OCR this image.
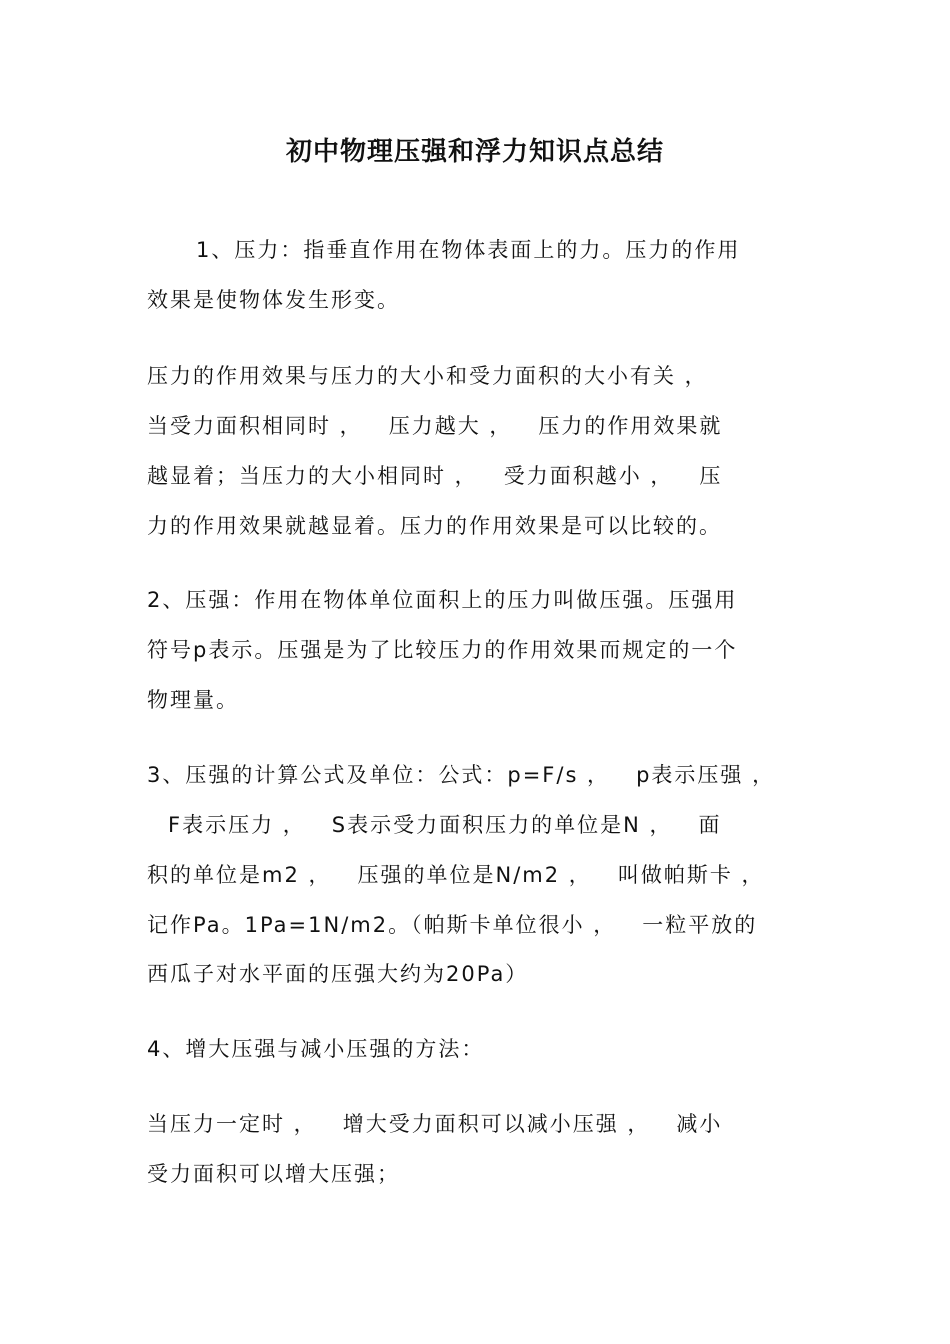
初中物理压强和浮力知识点总结
1、压力：指垂直作用在物体表面上的力。压力的作用
效果是使物体发生形变。
压力的作用效果与压力的大小和受力面积的大小有关 ，
当受力面积相同时 ，   压力越大 ，   压力的作用效果就
越显着；当压力的大小相同时 ，   受力面积越小 ，   压
力的作用效果就越显着。压力的作用效果是可以比较的。
2、压强：作用在物体单位面积上的压力叫做压强。压强用
符号p表示。压强是为了比较压力的作用效果而规定的一个
物理量。
3、压强的计算公式及单位：公式：p=F/s ，   p表示压强 ，
F表示压力 ，   S表示受力面积压力的单位是N ，   面
积的单位是m2 ，   压强的单位是N/m2 ，   叫做帕斯卡 ，
记作Pa。1Pa=1N/m2。（帕斯卡单位很小 ，   一粒平放的
西瓜子对水平面的压强大约为20Pa）
4、增大压强与减小压强的方法：
当压力一定时 ，   增大受力面积可以减小压强 ，   减小
受力面积可以增大压强；
